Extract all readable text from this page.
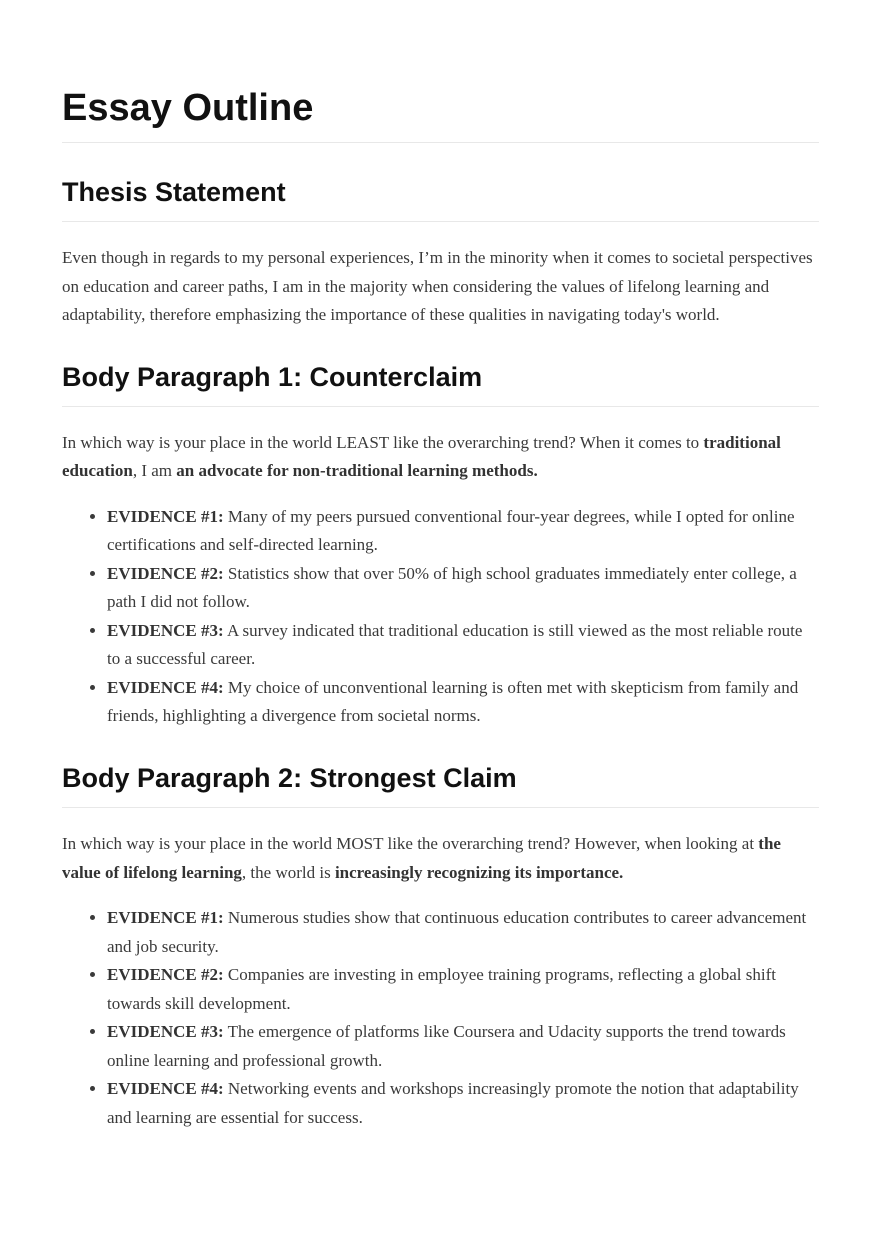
Essay Outline
Thesis Statement

Even though in regards to my personal experiences, I’m in the minority when it comes to societal perspectives on education and career paths, I am in the majority when considering the values of lifelong learning and adaptability, therefore emphasizing the importance of these qualities in navigating today's world.

Body Paragraph 1: Counterclaim

In which way is your place in the world LEAST like the overarching trend? When it comes to traditional education, I am an advocate for non-traditional learning methods.

• EVIDENCE #1: Many of my peers pursued conventional four-year degrees, while I opted for online certifications and self-directed learning.
• EVIDENCE #2: Statistics show that over 50% of high school graduates immediately enter college, a path I did not follow.
• EVIDENCE #3: A survey indicated that traditional education is still viewed as the most reliable route to a successful career.
• EVIDENCE #4: My choice of unconventional learning is often met with skepticism from family and friends, highlighting a divergence from societal norms.
Body Paragraph 2: Strongest Claim

In which way is your place in the world MOST like the overarching trend? However, when looking at the value of lifelong learning, the world is increasingly recognizing its importance.

• EVIDENCE #1: Numerous studies show that continuous education contributes to career advancement and job security.
• EVIDENCE #2: Companies are investing in employee training programs, reflecting a global shift towards skill development.
• EVIDENCE #3: The emergence of platforms like Coursera and Udacity supports the trend towards online learning and professional growth.
• EVIDENCE #4: Networking events and workshops increasingly promote the notion that adaptability and learning are essential for success.
